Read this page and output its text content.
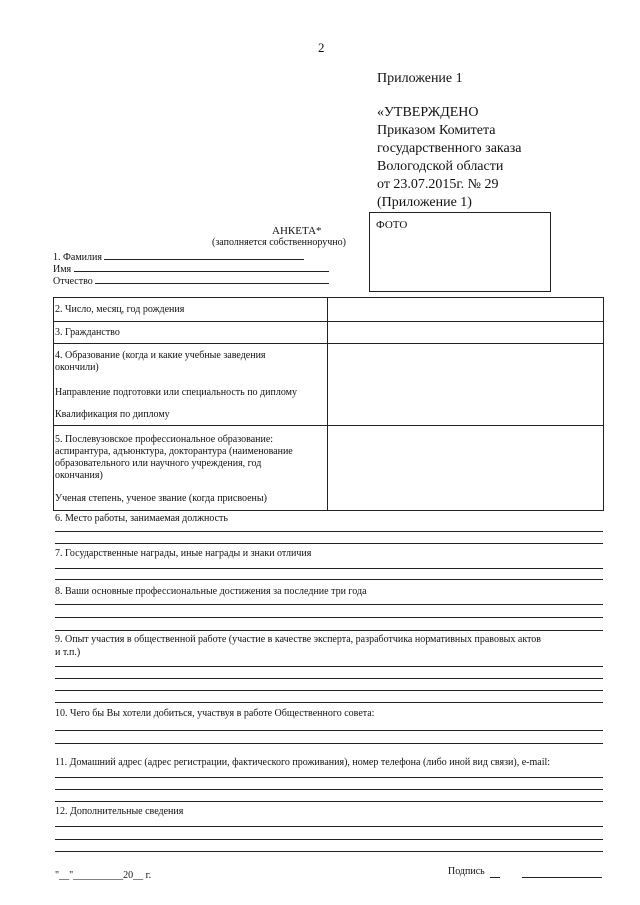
2
Приложение 1
«УТВЕРЖДЕНО
Приказом Комитета
государственного заказа
Вологодской области
от 23.07.2015г. № 29
(Приложение 1)
ФОТО
АНКЕТА*
(заполняется собственноручно)
1. Фамилия
Имя
Отчество
2. Число, месяц, год рождения
3. Гражданство
4. Образование (когда и какие учебные заведения
окончили)
Направление подготовки или специальность по диплому
Квалификация по диплому
5. Послевузовское профессиональное образование:
аспирантура, адъюнктура, докторантура (наименование
образовательного или научного учреждения, год
окончания)
Ученая степень, ученое звание (когда присвоены)
6. Место работы, занимаемая должность
7. Государственные награды, иные награды и знаки отличия
8. Ваши основные профессиональные достижения за последние три года
9. Опыт участия в общественной работе (участие в качестве эксперта, разработчика нормативных правовых актов
и т.п.)
10. Чего бы Вы хотели добиться, участвуя в работе Общественного совета:
11. Домашний адрес (адрес регистрации, фактического проживания), номер телефона (либо иной вид связи), e-mail:
12. Дополнительные сведения
"__"__________20__ г.	Подпись
